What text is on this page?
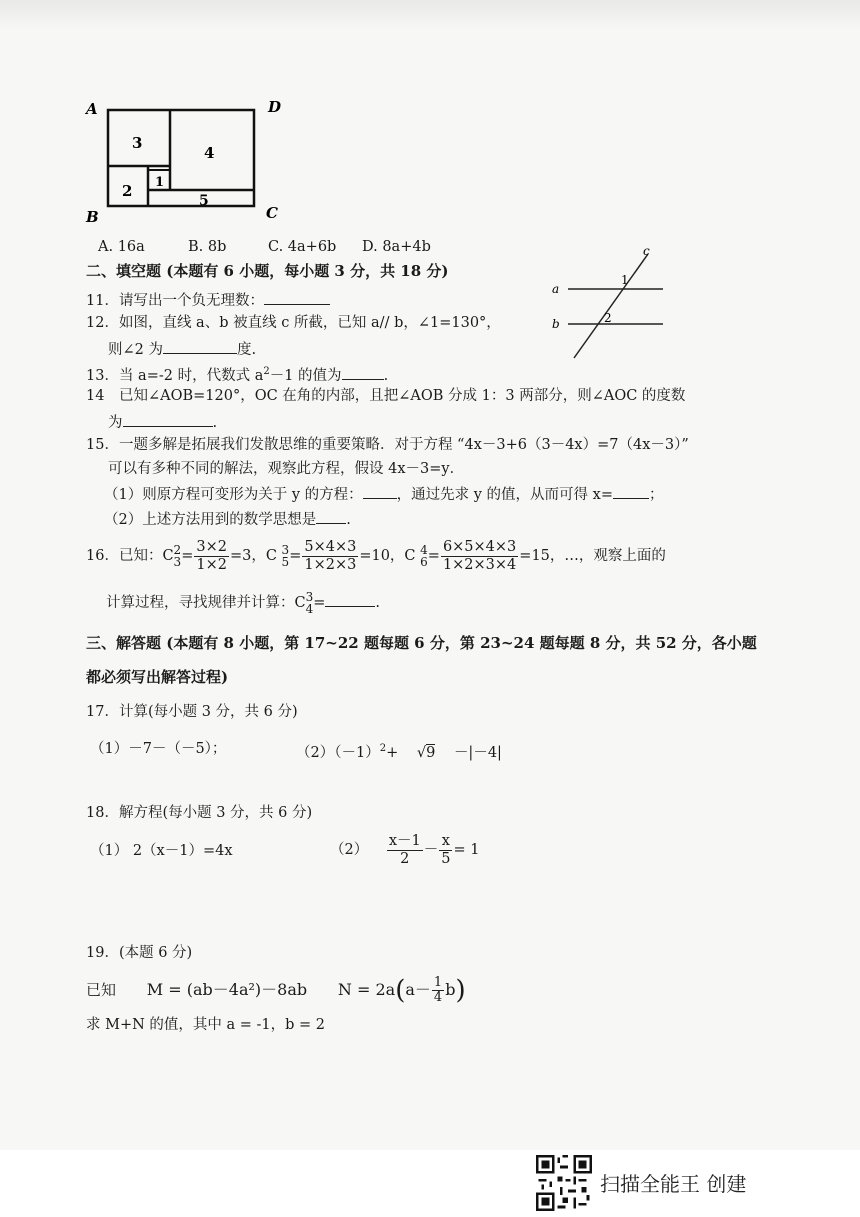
A	D
B	C
3
4
2 1
5
A. 16a	B. 8b	C. 4a+6b D. 8a+4b
二、填空题 (本题有 6 小题，每小题 3 分，共 18 分)
c
a
b
1
2
11．请写出一个负无理数：
12．如图，直线 a、b 被直线 c 所截，已知 a// b，∠1=130°，
则∠2 为	度.
13．当 a=-2 时，代数式 $a^2-1$ 的值为	.
14　已知∠AOB=120°，OC 在角的内部，且把∠AOB 分成 1：3 两部分，则∠AOC 的度数
为	.
15．一题多解是拓展我们发散思维的重要策略．对于方程 “4x－3+6（3－4x）=7（4x－3）”
可以有多种不同的解法，观察此方程，假设 4x－3=y．
（1）则原方程可变形为关于 y 的方程： ，通过先求 y 的值，从而可得 x= ；
（2）上述方法用到的数学思想是 .
16．已知：C 2
$3 = \frac{3\times 2}{1\times 2} =3$，C 3
$5 = \frac{5\times 4\times 3}{1\times 2\times 3} =10$，C 4
$6 = \frac{6\times 5\times 4\times 3}{1\times 2\times 3\times 4} =15$，…，观察上面的
计算过程，寻找规律并计算：C 3
4 =	.
三、解答题 (本题有 8 小题，第 17~22 题每题 6 分，第 23~24 题每题 8 分，共 52 分，各小题
都必须写出解答过程)
17．计算(每小题 3 分，共 6 分)
（1）－7－（－5）；	$(2)(-1)^2+ √9 -|-4|$
18．解方程(每小题 3 分，共 6 分)
（1） 2（x－1）=4x	$(2) \frac{x-1}{2} - \frac{x}{5} = 1$
19．(本题 6 分)
已知 M = (ab－4a²)－8ab $N = 2a(a- \frac{1}{4} b)$
求 M+N 的值，其中 a = -1，b = 2
扫描全能王 创建
